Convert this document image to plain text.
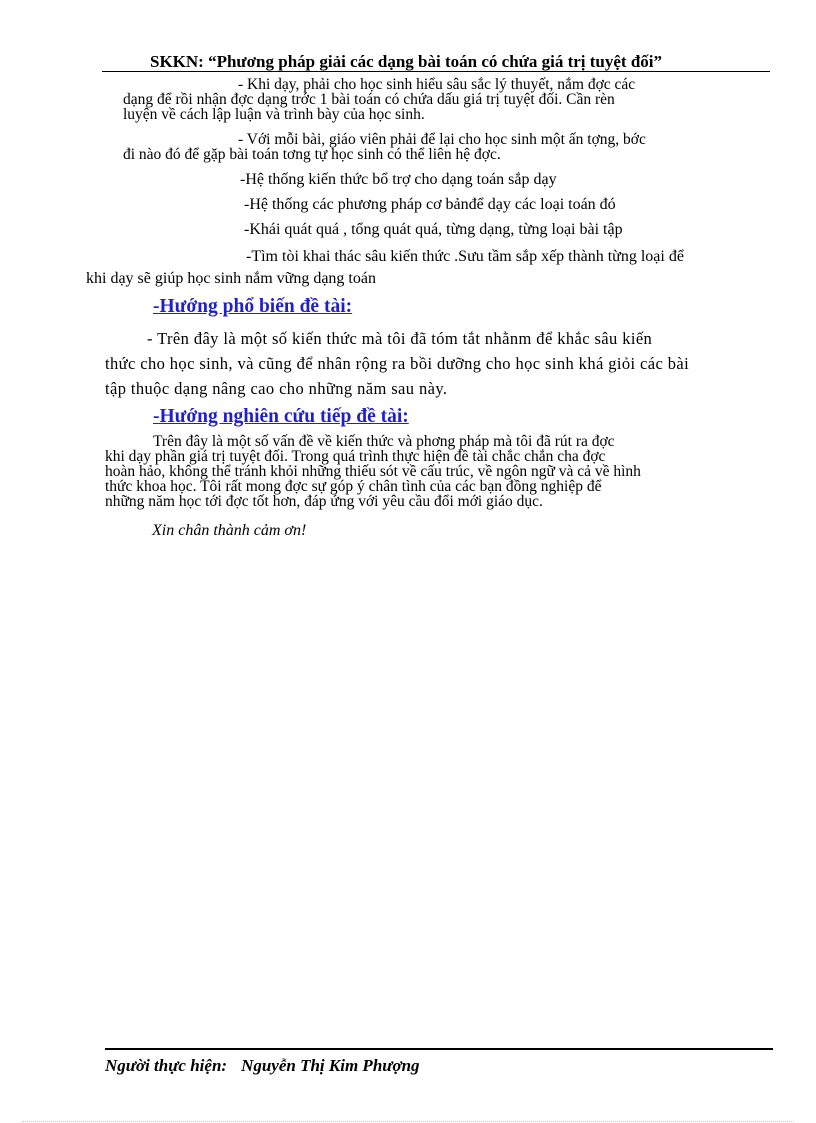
SKKN: “Phương pháp giải các dạng bài toán có chứa giá trị tuyệt đối”
- Khi dạy, phải cho học sinh hiểu sâu sắc lý thuyết, nắm đợc các
dạng để rồi nhận đợc dạng trớc 1 bài toán có chứa dấu giá trị tuyệt đối. Cần rèn
luyện về cách lập luận và trình bày của học sinh.
- Với mỗi bài, giáo viên phải để lại cho học sinh một ấn tợng, bớc
đi nào đó để gặp bài toán tơng tự học sinh có thể liên hệ đợc.
-Hệ thống kiến thức bổ trợ cho dạng toán sắp dạy
-Hệ thống các phương pháp cơ bảnđể dạy các loại toán đó
-Khái quát quá , tổng quát quá, từng dạng, từng loại bài tập
-Tìm tòi khai thác sâu kiến thức .Sưu tầm sắp xếp thành từng loại để
khi dạy sẽ giúp học sinh nắm vững dạng toán
-Hướng phổ biến đề tài:
- Trên đây là một số kiến thức mà tôi đã tóm tắt nhằnm để khắc sâu kiến
thức cho học sinh, và cũng để nhân rộng ra bồi dưỡng cho học sinh khá giỏi các bài
tập thuộc dạng nâng cao cho những năm sau này.
-Hướng nghiên cứu tiếp đề tài:
Trên đây là một số vấn đề về kiến thức và phơng pháp mà tôi đã rút ra đợc
khi dạy phần giá trị tuyệt đối. Trong quá trình thực hiện đề tài chắc chắn cha đợc
hoàn hảo, không thể tránh khỏi những thiếu sót về cấu trúc, về ngôn ngữ và cả về hình
thức khoa học. Tôi rất mong đợc sự góp ý chân tình của các bạn đồng nghiệp để
những năm học tới đợc tốt hơn, đáp ứng với yêu cầu đổi mới giáo dục.
Xin chân thành cảm ơn!
Người thực hiện: Nguyễn Thị Kim Phượng
